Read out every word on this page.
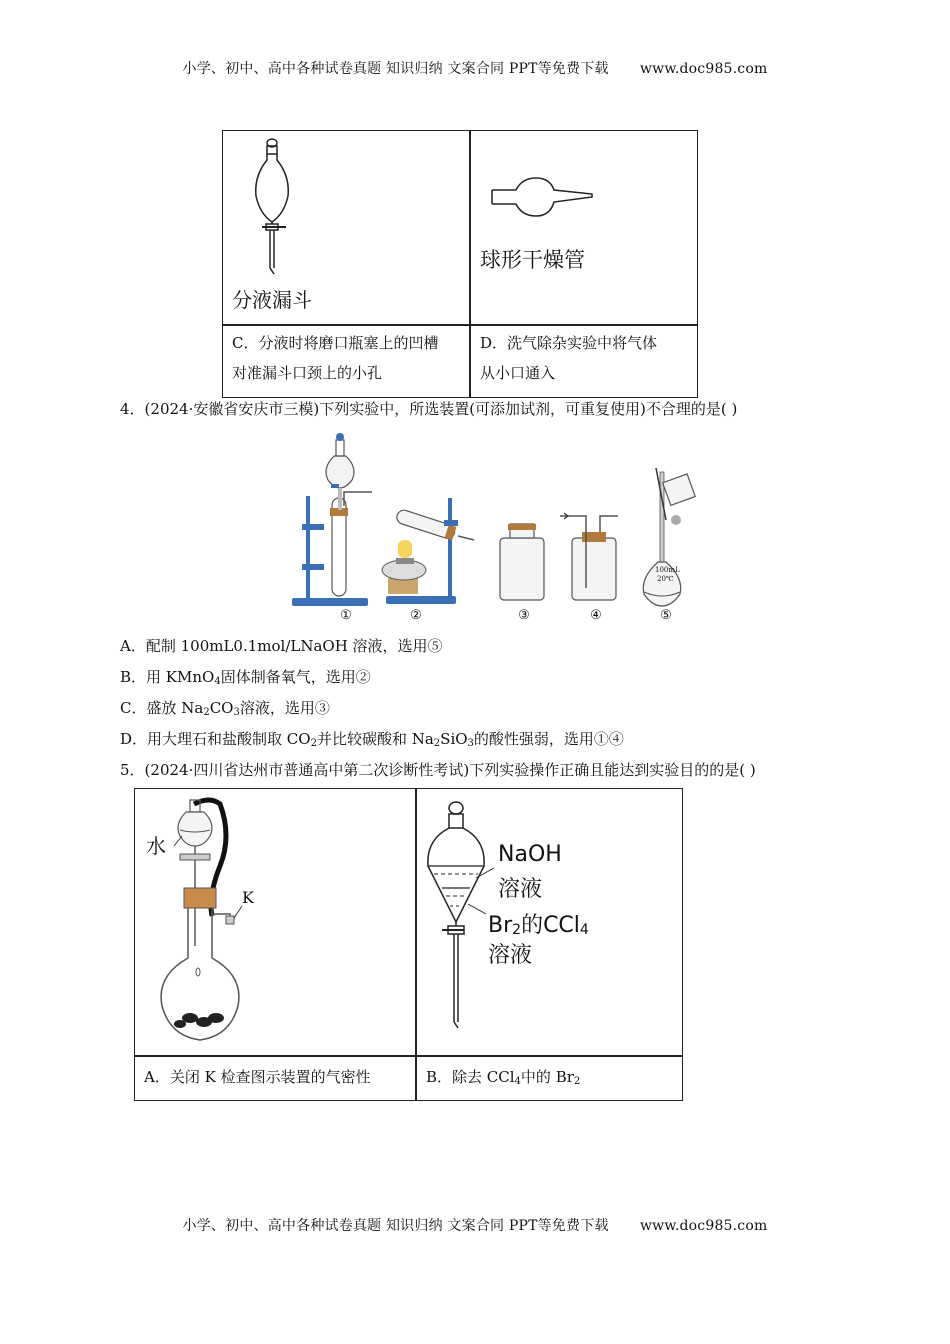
小学、初中、高中各种试卷真题 知识归纳 文案合同 PPT等免费下载 www.doc985.com
分液漏斗
球形干燥管
C．分液时将磨口瓶塞上的凹槽
对准漏斗口颈上的小孔
D．洗气除杂实验中将气体
从小口通入
4．(2024·安徽省安庆市三模)下列实验中，所选装置(可添加试剂，可重复使用)不合理的是( )
①	②	③	④	⑤
100mL
20℃
A．配制 100mL0.1mol/LNaOH 溶液，选用⑤
B．用 KMnO$_4$固体制备氧气，选用②
C．盛放 $Na_2CO_3$溶液，选用③
D．用大理石和盐酸制取 $CO_2$并比较碳酸和 $Na_2SiO_3$的酸性强弱，选用①④
5．(2024·四川省达州市普通高中第二次诊断性考试)下列实验操作正确且能达到实验目的的是( )
水
K
NaOH
溶液
$Br_2$的CCl$_4$
溶液
A．关闭 K 检查图示装置的气密性	B．除去 CCl$_4$中的 $Br_2$
小学、初中、高中各种试卷真题 知识归纳 文案合同 PPT等免费下载 www.doc985.com
